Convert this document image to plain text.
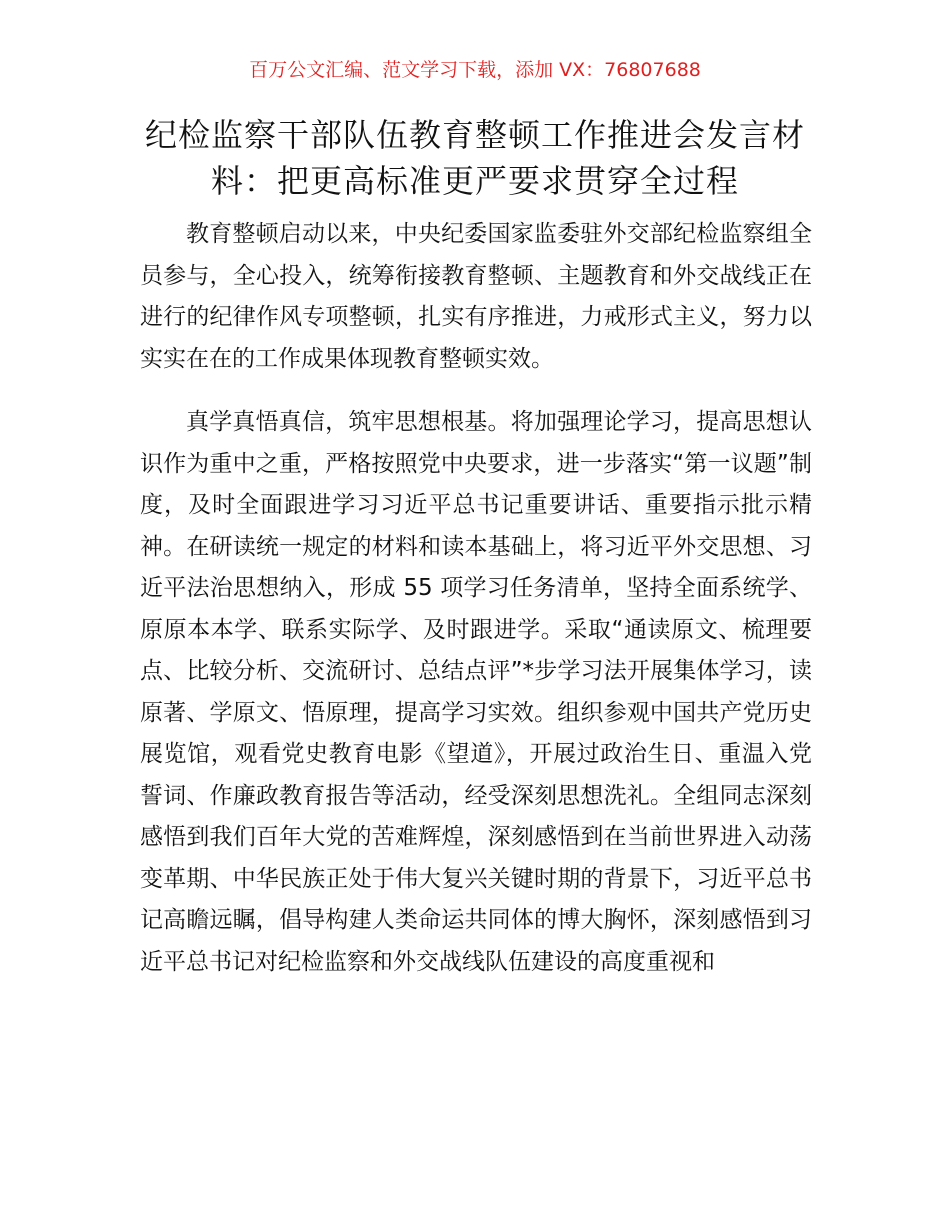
百万公文汇编、范文学习下载，添加 VX：76807688
纪检监察干部队伍教育整顿工作推进会发言材
料：把更高标准更严要求贯穿全过程

教育整顿启动以来，中央纪委国家监委驻外交部纪检监察组全员参与，全心投入，统筹衔接教育整顿、主题教育和外交战线正在进行的纪律作风专项整顿，扎实有序推进，力戒形式主义，努力以实实在在的工作成果体现教育整顿实效。

真学真悟真信，筑牢思想根基。将加强理论学习，提高思想认识作为重中之重，严格按照党中央要求，进一步落实“第一议题”制度，及时全面跟进学习习近平总书记重要讲话、重要指示批示精神。在研读统一规定的材料和读本基础上，将习近平外交思想、习近平法治思想纳入，形成 55 项学习任务清单，坚持全面系统学、原原本本学、联系实际学、及时跟进学。采取“通读原文、梳理要点、比较分析、交流研讨、总结点评”*步学习法开展集体学习，读原著、学原文、悟原理，提高学习实效。组织参观中国共产党历史展览馆，观看党史教育电影《望道》，开展过政治生日、重温入党誓词、作廉政教育报告等活动，经受深刻思想洗礼。全组同志深刻感悟到我们百年大党的苦难辉煌，深刻感悟到在当前世界进入动荡变革期、中华民族正处于伟大复兴关键时期的背景下，习近平总书记高瞻远瞩，倡导构建人类命运共同体的博大胸怀，深刻感悟到习近平总书记对纪检监察和外交战线队伍建设的高度重视和
